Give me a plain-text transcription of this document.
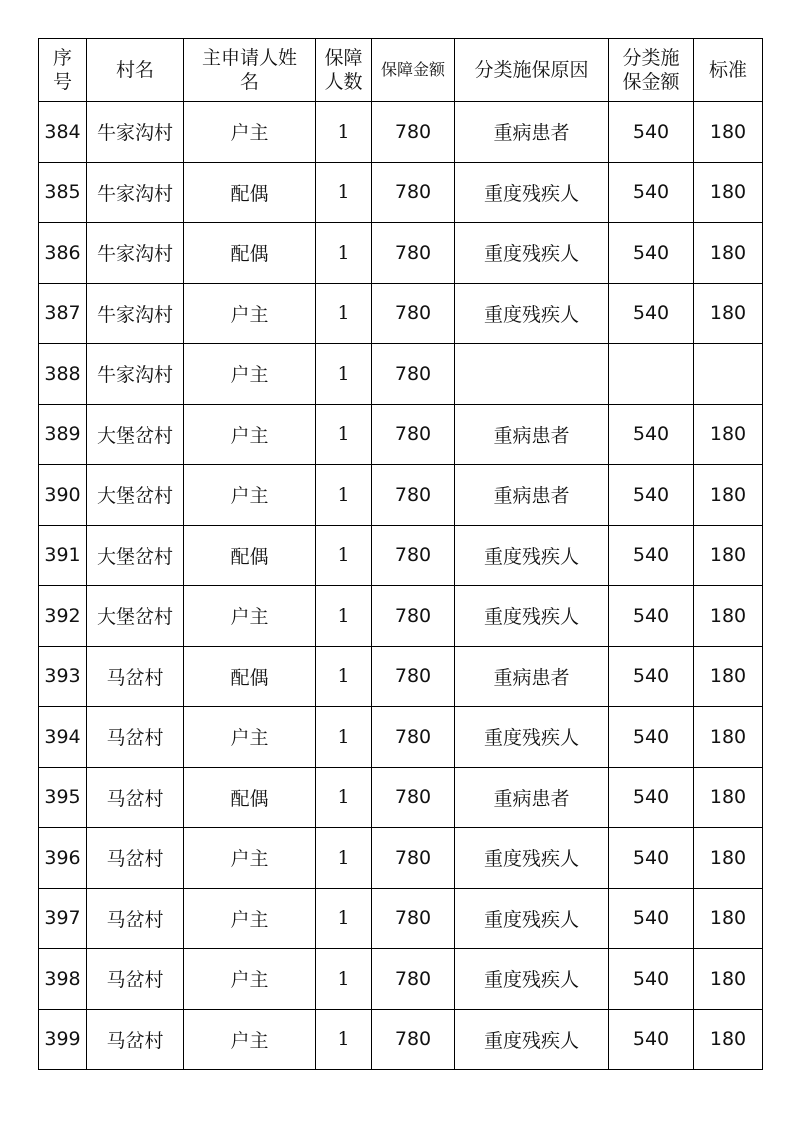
序号	村名	主申请人姓名	保障人数	保障金额	分类施保原因	分类施保金额	标准
384	牛家沟村	户主	1	780	重病患者	540	180
385	牛家沟村	配偶	1	780	重度残疾人	540	180
386	牛家沟村	配偶	1	780	重度残疾人	540	180
387	牛家沟村	户主	1	780	重度残疾人	540	180
388	牛家沟村	户主	1	780			
389	大堡岔村	户主	1	780	重病患者	540	180
390	大堡岔村	户主	1	780	重病患者	540	180
391	大堡岔村	配偶	1	780	重度残疾人	540	180
392	大堡岔村	户主	1	780	重度残疾人	540	180
393	马岔村	配偶	1	780	重病患者	540	180
394	马岔村	户主	1	780	重度残疾人	540	180
395	马岔村	配偶	1	780	重病患者	540	180
396	马岔村	户主	1	780	重度残疾人	540	180
397	马岔村	户主	1	780	重度残疾人	540	180
398	马岔村	户主	1	780	重度残疾人	540	180
399	马岔村	户主	1	780	重度残疾人	540	180
